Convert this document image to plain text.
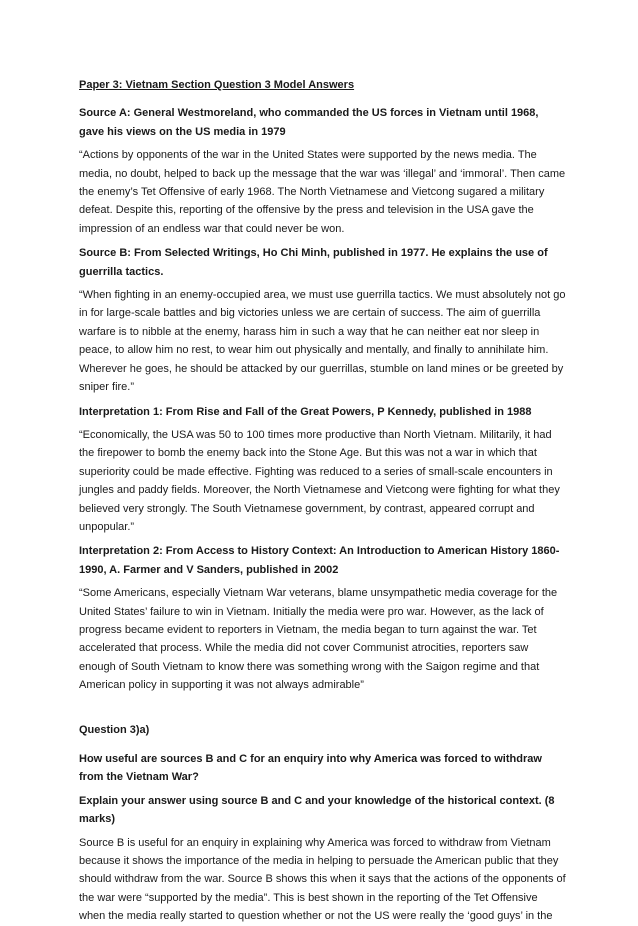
Paper 3: Vietnam Section Question 3 Model Answers

Source A: General Westmoreland, who commanded the US forces in Vietnam until 1968, gave his views on the US media in 1979

“Actions by opponents of the war in the United States were supported by the news media. The media, no doubt, helped to back up the message that the war was ‘illegal’ and ‘immoral’. Then came the enemy’s Tet Offensive of early 1968. The North Vietnamese and Vietcong sugared a military defeat. Despite this, reporting of the offensive by the press and television in the USA gave the impression of an endless war that could never be won.

Source B: From Selected Writings, Ho Chi Minh, published in 1977. He explains the use of guerrilla tactics.

“When fighting in an enemy-occupied area, we must use guerrilla tactics. We must absolutely not go in for large-scale battles and big victories unless we are certain of success. The aim of guerrilla warfare is to nibble at the enemy, harass him in such a way that he can neither eat nor sleep in peace, to allow him no rest, to wear him out physically and mentally, and finally to annihilate him. Wherever he goes, he should be attacked by our guerrillas, stumble on land mines or be greeted by sniper fire.”

Interpretation 1: From Rise and Fall of the Great Powers, P Kennedy, published in 1988

“Economically, the USA was 50 to 100 times more productive than North Vietnam. Militarily, it had the firepower to bomb the enemy back into the Stone Age. But this was not a war in which that superiority could be made effective. Fighting was reduced to a series of small-scale encounters in jungles and paddy fields. Moreover, the North Vietnamese and Vietcong were fighting for what they believed very strongly. The South Vietnamese government, by contrast, appeared corrupt and unpopular.”

Interpretation 2: From Access to History Context: An Introduction to American History 1860-1990, A. Farmer and V Sanders, published in 2002

“Some Americans, especially Vietnam War veterans, blame unsympathetic media coverage for the United States’ failure to win in Vietnam. Initially the media were pro war. However, as the lack of progress became evident to reporters in Vietnam, the media began to turn against the war. Tet accelerated that process. While the media did not cover Communist atrocities, reporters saw enough of South Vietnam to know there was something wrong with the Saigon regime and that American policy in supporting it was not always admirable”

Question 3)a)

How useful are sources B and C for an enquiry into why America was forced to withdraw from the Vietnam War?

Explain your answer using source B and C and your knowledge of the historical context. (8 marks)

Source B is useful for an enquiry in explaining why America was forced to withdraw from Vietnam because it shows the importance of the media in helping to persuade the American public that they should withdraw from the war. Source B shows this when it says that the actions of the opponents of the war were “supported by the media”. This is best shown in the reporting of the Tet Offensive when the media really started to question whether or not the US were really the ‘good guys’ in the
